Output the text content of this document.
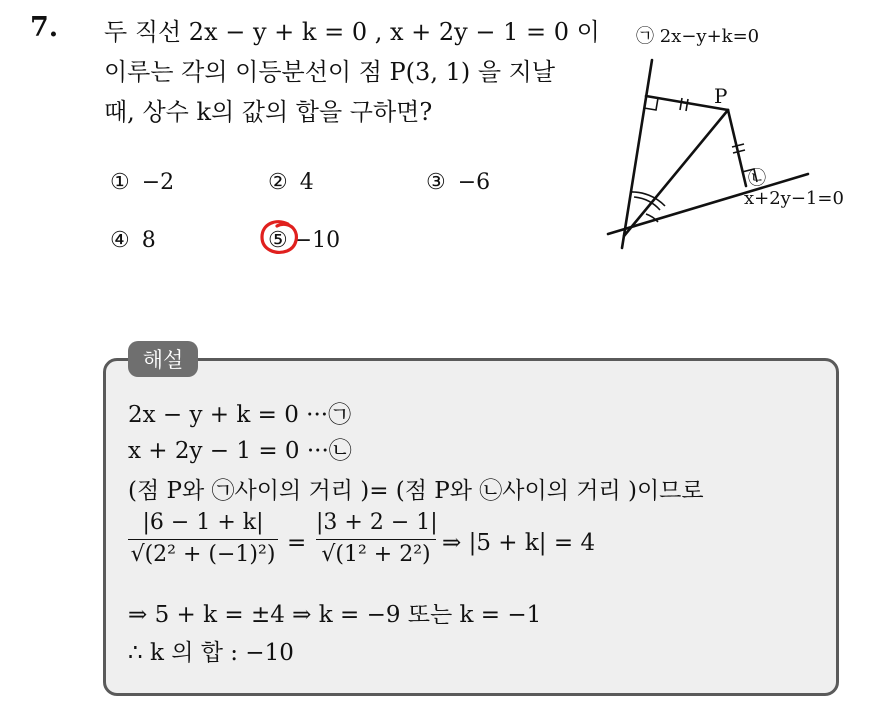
7. 두 직선 2x − y + k = 0 , x + 2y − 1 = 0 이
이루는 각의 이등분선이 점 P(3, 1) 을 지날
때, 상수 k의 값의 합을 구하면?
① −2	② 4	③ −6
④ 8	⑤ −10
㉠ 2x−y+k=0
㉡
x+2y−1=0
P
해설
2x − y + k = 0 ···㉠
x + 2y − 1 = 0 ···㉡
(점 P와 ㉠사이의 거리 )= (점 P와 ㉡사이의 거리 )이므로
|6 − 1 + k|
√(2² + (−1)²) =
|3 + 2 − 1|
√(1² + 2²) ⇒ |5 + k| = 4
⇒ 5 + k = ±4 ⇒ k = −9 또는 k = −1
∴ k 의 합 : −10
